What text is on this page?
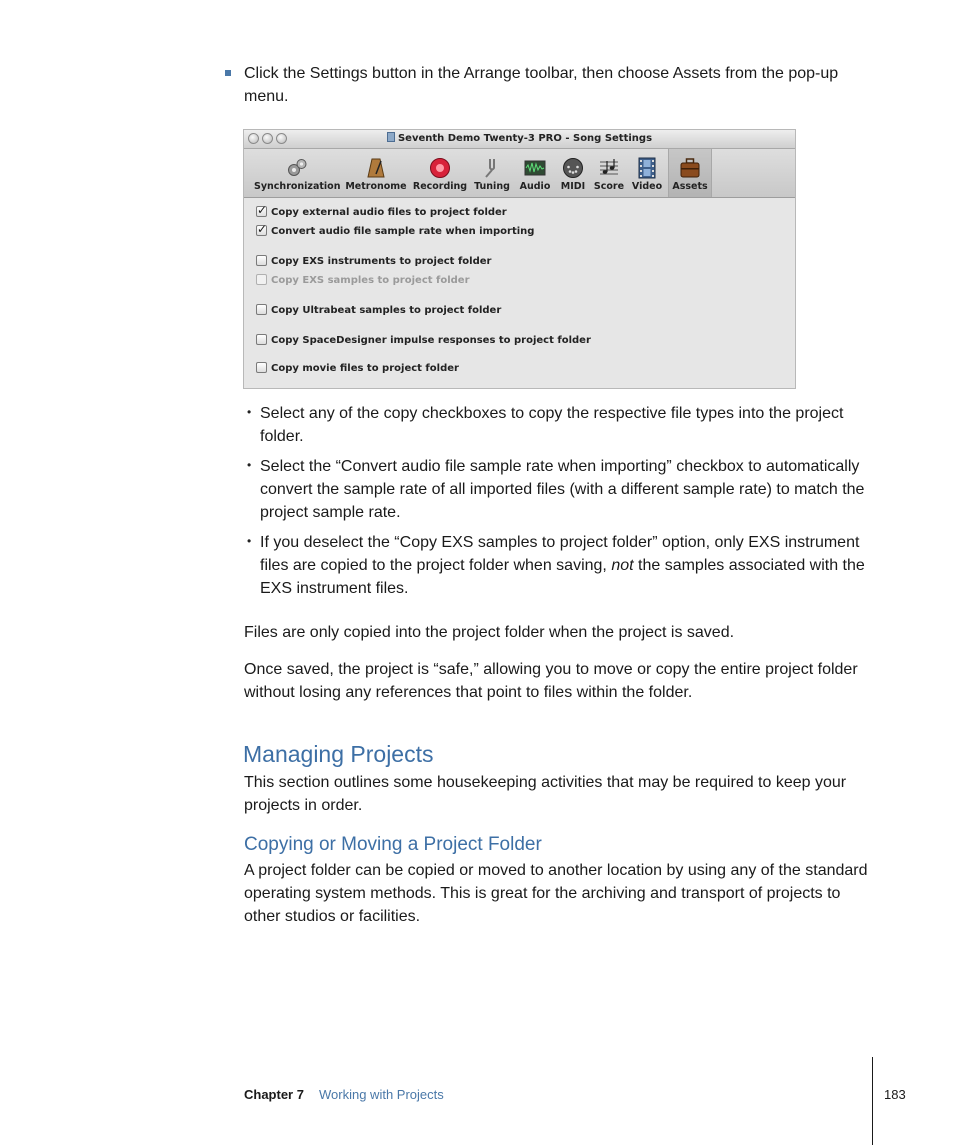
Click the Settings button in the Arrange toolbar, then choose Assets from the pop-up
menu.
Seventh Demo Twenty-3 PRO - Song Settings
Synchronization Metronome Recording Tuning	Audio	MIDI Score Video	Assets
✓Copy external audio files to project folder
✓Convert audio file sample rate when importing
Copy EXS instruments to project folder
Copy EXS samples to project folder
Copy Ultrabeat samples to project folder
Copy SpaceDesigner impulse responses to project folder
Copy movie files to project folder
• Select any of the copy checkboxes to copy the respective file types into the project
folder.
• Select the “Convert audio file sample rate when importing” checkbox to automatically
convert the sample rate of all imported files (with a different sample rate) to match the
project sample rate.
• If you deselect the “Copy EXS samples to project folder” option, only EXS instrument
files are copied to the project folder when saving, not the samples associated with the
EXS instrument files.
Files are only copied into the project folder when the project is saved.
Once saved, the project is “safe,” allowing you to move or copy the entire project folder
without losing any references that point to files within the folder.
Managing Projects
This section outlines some housekeeping activities that may be required to keep your
projects in order.
Copying or Moving a Project Folder
A project folder can be copied or moved to another location by using any of the standard
operating system methods. This is great for the archiving and transport of projects to
other studios or facilities.
Chapter 7 Working with Projects	183
